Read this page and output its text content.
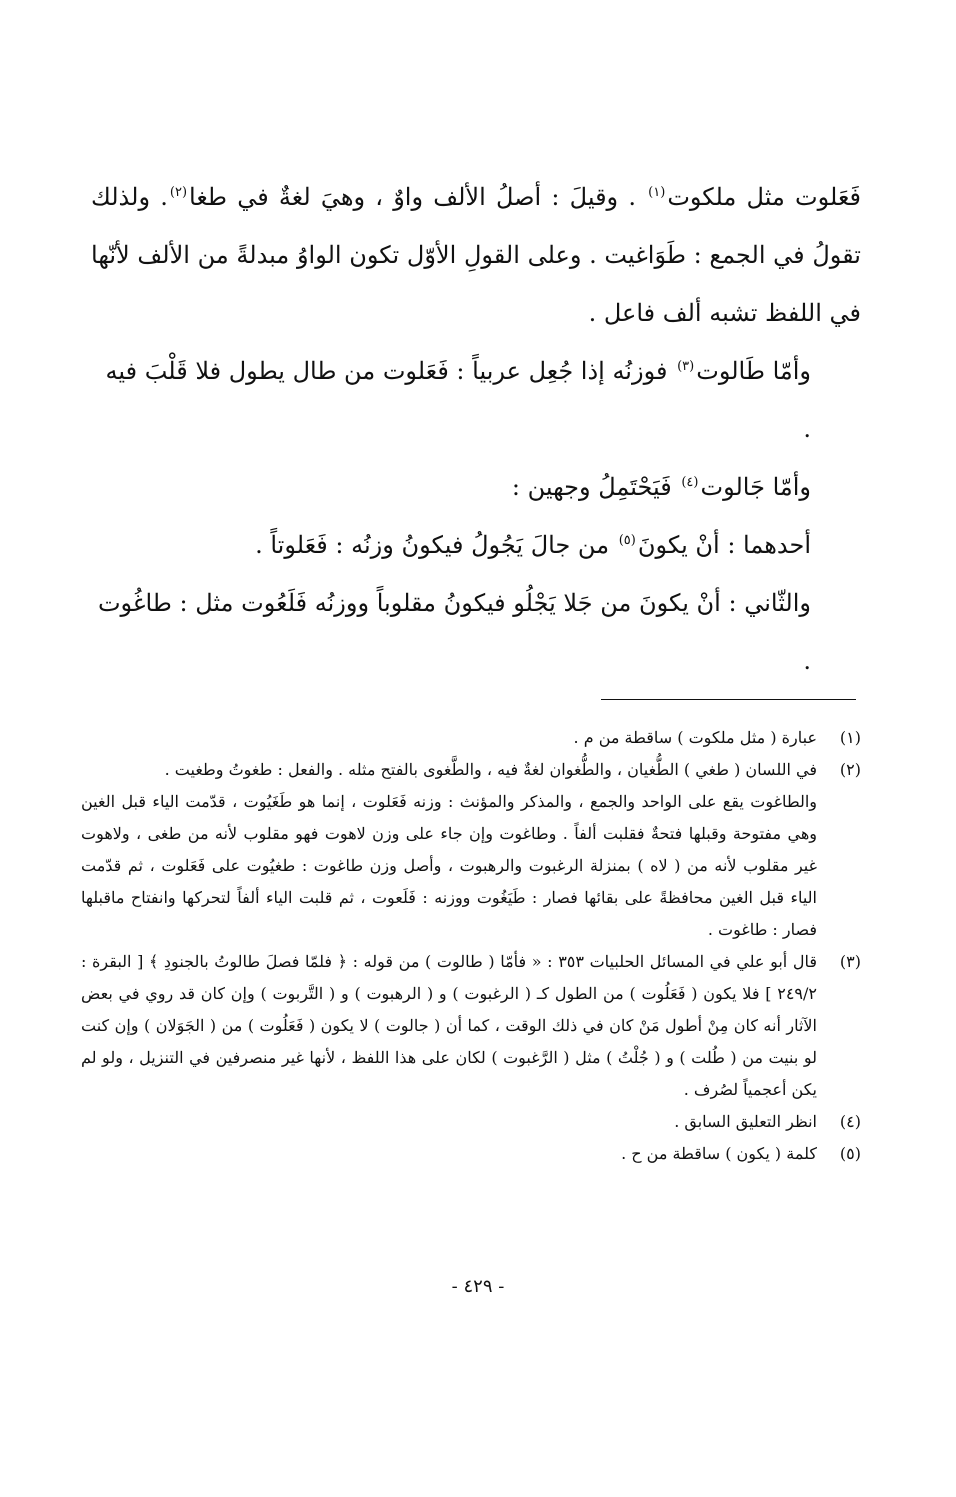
فَعَلوت مثل ملكوت$^{(١)}$ . وقيلَ : أصلُ الألف واوٌ ، وهيَ لغةٌ في طغا$^{(٢)}$. ولذلك تقولُ في الجمع : طَوَاغيت . وعلى القولِ الأوّل تكون الواوُ مبدلةً من الألف لأنّها في اللفظ تشبه ألف فاعل .

وأمّا طَالوت$^{(٣)}$ فوزنُه إذا جُعِل عربياً : فَعَلوت من طال يطول فلا قَلْبَ فيه .

وأمّا جَالوت$^{(٤)}$ فَيَحْتَمِلُ وجهين :

أحدهما : أنْ يكونَ$^{(٥)}$ من جالَ يَجُولُ فيكونُ وزنُه : فَعَلوتاً .

والثّاني : أنْ يكونَ من جَلا يَجْلُو فيكونُ مقلوباً ووزنُه فَلَعُوت مثل : طاغُوت .

(١)

عبارة ( مثل ملكوت ) ساقطة من م .

(٢)

في اللسان ( طغي ) الطُّغيان ، والطُّغوان لغةٌ فيه ، والطَّغوى بالفتح مثله . والفعل : طغوتُ وطغيت .

والطاغوت يقع على الواحد والجمع ، والمذكر والمؤنث : وزنه فَعَلوت ، إنما هو طَغَيُوت ، قدّمت الياء قبل الغين وهي مفتوحة وقبلها فتحةٌ فقلبت ألفاً . وطاغوت وإن جاء على وزن لاهوت فهو مقلوب لأنه من طغى ، ولاهوت غير مقلوب لأنه من ( لاه ) بمنزلة الرغبوت والرهبوت ، وأصل وزن طاغوت : طغيُوت على فَعَلوت ، ثم قدّمت الياء قبل الغين محافظةً على بقائها فصار : طَيَغُوت ووزنه : فَلَعوت ، ثم قلبت الياء ألفاً لتحركها وانفتاح ماقبلها فصار : طاغوت .

(٣)

قال أبو علي في المسائل الحلبيات ٣٥٣ : « فأمّا ( طالوت ) من قوله : ﴿ فلمّا فصلَ طالوتُ بالجنودِ ﴾ [ البقرة : ٢٤٩/٢ ] فلا يكون ( فَعَلُوت ) من الطول كـ ( الرغبوت ) و ( الرهبوت ) و ( التَّربوت ) وإن كان قد روي في بعض الآثار أنه كان مِنْ أطول مَنْ كان في ذلك الوقت ، كما أن ( جالوت ) لا يكون ( فَعَلُوت ) من ( الجَوَلان ) وإن كنت لو بنيت من ( طُلت ) و ( جُلْتُ ) مثل ( الرَّغبوت ) لكان على هذا اللفظ ، لأنها غير منصرفين في التنزيل ، ولو لم يكن أعجمياً لصُرف .

(٤)

انظر التعليق السابق .

(٥)

كلمة ( يكون ) ساقطة من ح .

- ٤٢٩ -
